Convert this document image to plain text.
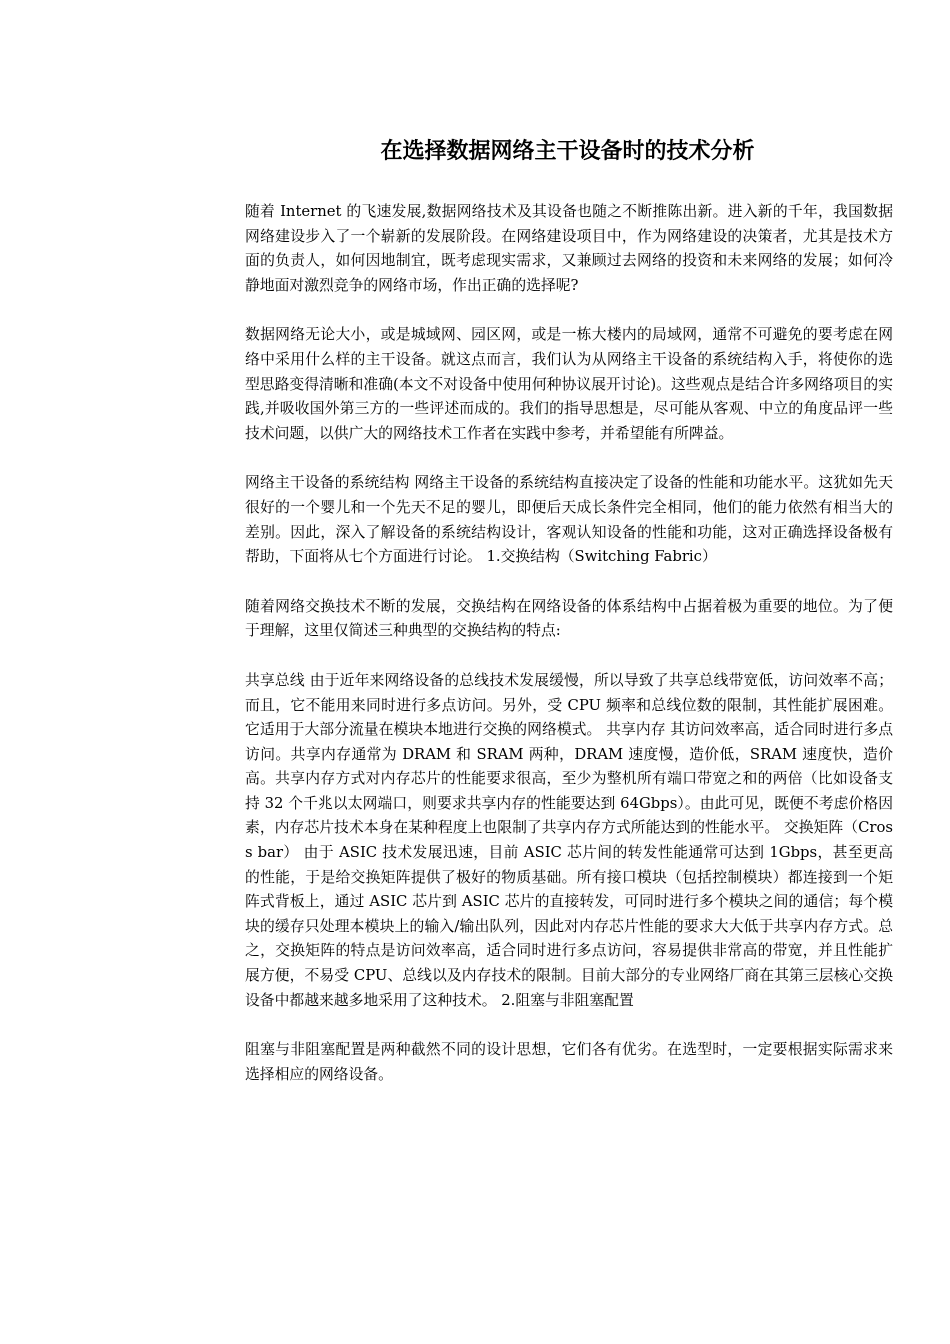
在选择数据网络主干设备时的技术分析

随着 Internet 的飞速发展,数据网络技术及其设备也随之不断推陈出新。进入新的千年，我国数据网络建设步入了一个崭新的发展阶段。在网络建设项目中，作为网络建设的决策者，尤其是技术方面的负责人，如何因地制宜，既考虑现实需求，又兼顾过去网络的投资和未来网络的发展；如何冷静地面对激烈竞争的网络市场，作出正确的选择呢?

数据网络无论大小，或是城域网、园区网，或是一栋大楼内的局域网，通常不可避免的要考虑在网络中采用什么样的主干设备。就这点而言，我们认为从网络主干设备的系统结构入手，将使你的选型思路变得清晰和准确(本文不对设备中使用何种协议展开讨论)。这些观点是结合许多网络项目的实践,并吸收国外第三方的一些评述而成的。我们的指导思想是，尽可能从客观、中立的角度品评一些技术问题，以供广大的网络技术工作者在实践中参考，并希望能有所陴益。

网络主干设备的系统结构 网络主干设备的系统结构直接决定了设备的性能和功能水平。这犹如先天很好的一个婴儿和一个先天不足的婴儿，即便后天成长条件完全相同，他们的能力依然有相当大的差别。因此，深入了解设备的系统结构设计，客观认知设备的性能和功能，这对正确选择设备极有帮助，下面将从七个方面进行讨论。 1.交换结构（Switching Fabric）

随着网络交换技术不断的发展，交换结构在网络设备的体系结构中占据着极为重要的地位。为了便于理解，这里仅简述三种典型的交换结构的特点:

共享总线 由于近年来网络设备的总线技术发展缓慢，所以导致了共享总线带宽低，访问效率不高；而且，它不能用来同时进行多点访问。另外，受 CPU 频率和总线位数的限制，其性能扩展困难。它适用于大部分流量在模块本地进行交换的网络模式。 共享内存 其访问效率高，适合同时进行多点访问。共享内存通常为 DRAM 和 SRAM 两种，DRAM 速度慢，造价低，SRAM 速度快，造价高。共享内存方式对内存芯片的性能要求很高，至少为整机所有端口带宽之和的两倍（比如设备支持 32 个千兆以太网端口，则要求共享内存的性能要达到 64Gbps）。由此可见，既便不考虑价格因素，内存芯片技术本身在某种程度上也限制了共享内存方式所能达到的性能水平。 交换矩阵（Cross bar） 由于 ASIC 技术发展迅速，目前 ASIC 芯片间的转发性能通常可达到 1Gbps，甚至更高的性能，于是给交换矩阵提供了极好的物质基础。所有接口模块（包括控制模块）都连接到一个矩阵式背板上，通过 ASIC 芯片到 ASIC 芯片的直接转发，可同时进行多个模块之间的通信；每个模块的缓存只处理本模块上的输入/输出队列，因此对内存芯片性能的要求大大低于共享内存方式。总之，交换矩阵的特点是访问效率高，适合同时进行多点访问，容易提供非常高的带宽，并且性能扩展方便，不易受 CPU、总线以及内存技术的限制。目前大部分的专业网络厂商在其第三层核心交换设备中都越来越多地采用了这种技术。 2.阻塞与非阻塞配置

阻塞与非阻塞配置是两种截然不同的设计思想，它们各有优劣。在选型时，一定要根据实际需求来选择相应的网络设备。
